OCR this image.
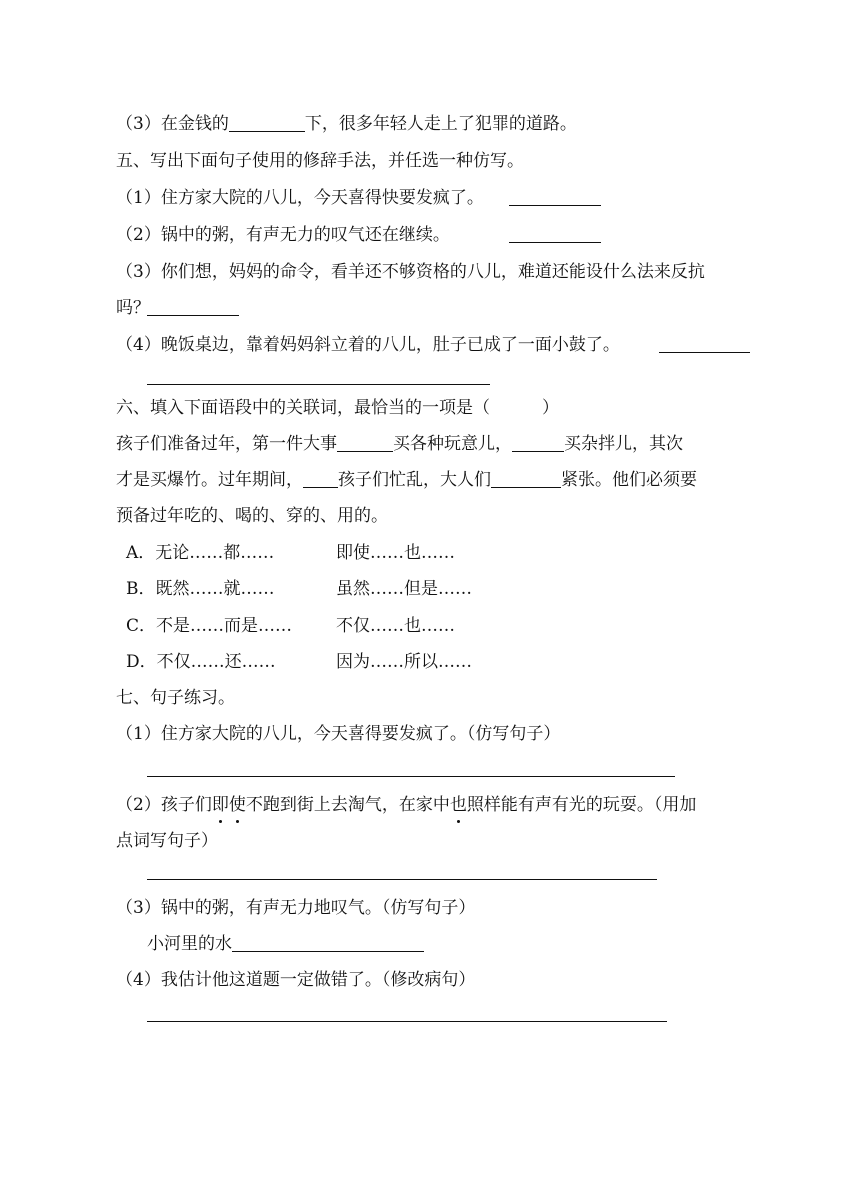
（3）在金钱的	下，很多年轻人走上了犯罪的道路。
五、写出下面句子使用的修辞手法，并任选一种仿写。
（1）住方家大院的八儿，今天喜得快要发疯了。
（2）锅中的粥，有声无力的叹气还在继续。
（3）你们想，妈妈的命令，看羊还不够资格的八儿，难道还能设什么法来反抗
吗？
（4）晚饭桌边，靠着妈妈斜立着的八儿，肚子已成了一面小鼓了。
六、填入下面语段中的关联词，最恰当的一项是（	）
孩子们准备过年，第一件大事	买各种玩意儿，	买杂拌儿，其次
才是买爆竹。过年期间， 孩子们忙乱，大人们	紧张。他们必须要
预备过年吃的、喝的、穿的、用的。
A．无论……都……	即使……也……
B．既然……就……	虽然……但是……
C．不是……而是……	不仅……也……
D．不仅……还……	因为……所以……
七、句子练习。
（1）住方家大院的八儿，今天喜得要发疯了。（仿写句子）
（2）孩子们即使不跑到街上去淘气，在家中也照样能有声有光的玩耍。（用加
点词写句子）
（3）锅中的粥，有声无力地叹气。（仿写句子）
小河里的水
（4）我估计他这道题一定做错了。（修改病句）
